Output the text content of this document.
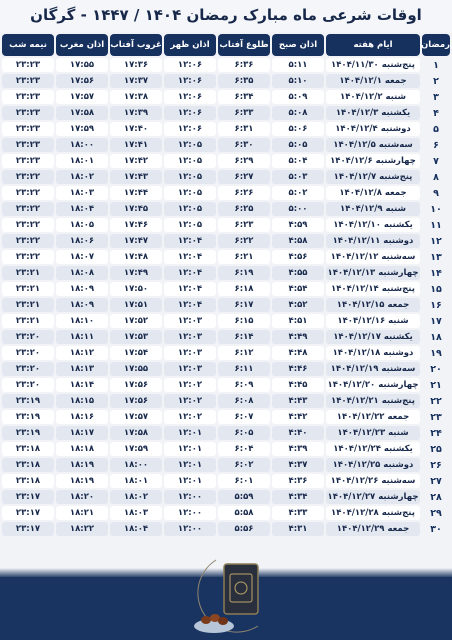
اوقات شرعی ماه مبارک رمضان ۱۴۰۴ / ۱۴۴۷ - گرگان
رمضان	ایام هفته	اذان صبح	طلوع آفتاب	اذان ظهر	غروب آفتاب	اذان مغرب	نیمه شب
۱	پنج‌شنبه ۱۴۰۴/۱۱/۳۰	۵:۱۱	۶:۳۶	۱۲:۰۶	۱۷:۳۶	۱۷:۵۵	۲۳:۲۳
۲	جمعه ۱۴۰۴/۱۲/۱	۵:۱۰	۶:۳۵	۱۲:۰۶	۱۷:۳۷	۱۷:۵۶	۲۳:۲۳
۳	شنبه ۱۴۰۴/۱۲/۲	۵:۰۹	۶:۳۴	۱۲:۰۶	۱۷:۳۸	۱۷:۵۷	۲۳:۲۳
۴	یکشنبه ۱۴۰۴/۱۲/۳	۵:۰۸	۶:۳۳	۱۲:۰۶	۱۷:۳۹	۱۷:۵۸	۲۳:۲۳
۵	دوشنبه ۱۴۰۴/۱۲/۴	۵:۰۶	۶:۳۱	۱۲:۰۶	۱۷:۴۰	۱۷:۵۹	۲۳:۲۳
۶	سه‌شنبه ۱۴۰۴/۱۲/۵	۵:۰۵	۶:۳۰	۱۲:۰۵	۱۷:۴۱	۱۸:۰۰	۲۳:۲۳
۷	چهارشنبه ۱۴۰۴/۱۲/۶	۵:۰۴	۶:۲۹	۱۲:۰۵	۱۷:۴۲	۱۸:۰۱	۲۳:۲۳
۸	پنج‌شنبه ۱۴۰۴/۱۲/۷	۵:۰۳	۶:۲۷	۱۲:۰۵	۱۷:۴۳	۱۸:۰۲	۲۳:۲۲
۹	جمعه ۱۴۰۴/۱۲/۸	۵:۰۲	۶:۲۶	۱۲:۰۵	۱۷:۴۴	۱۸:۰۳	۲۳:۲۲
۱۰	شنبه ۱۴۰۴/۱۲/۹	۵:۰۰	۶:۲۵	۱۲:۰۵	۱۷:۴۵	۱۸:۰۴	۲۳:۲۲
۱۱	یکشنبه ۱۴۰۴/۱۲/۱۰	۴:۵۹	۶:۲۳	۱۲:۰۵	۱۷:۴۶	۱۸:۰۵	۲۳:۲۲
۱۲	دوشنبه ۱۴۰۴/۱۲/۱۱	۴:۵۸	۶:۲۲	۱۲:۰۴	۱۷:۴۷	۱۸:۰۶	۲۳:۲۲
۱۳	سه‌شنبه ۱۴۰۴/۱۲/۱۲	۴:۵۶	۶:۲۱	۱۲:۰۴	۱۷:۴۸	۱۸:۰۷	۲۳:۲۲
۱۴	چهارشنبه ۱۴۰۴/۱۲/۱۳	۴:۵۵	۶:۱۹	۱۲:۰۴	۱۷:۴۹	۱۸:۰۸	۲۳:۲۱
۱۵	پنج‌شنبه ۱۴۰۴/۱۲/۱۴	۴:۵۴	۶:۱۸	۱۲:۰۴	۱۷:۵۰	۱۸:۰۹	۲۳:۲۱
۱۶	جمعه ۱۴۰۴/۱۲/۱۵	۴:۵۲	۶:۱۷	۱۲:۰۴	۱۷:۵۱	۱۸:۰۹	۲۳:۲۱
۱۷	شنبه ۱۴۰۴/۱۲/۱۶	۴:۵۱	۶:۱۵	۱۲:۰۳	۱۷:۵۲	۱۸:۱۰	۲۳:۲۱
۱۸	یکشنبه ۱۴۰۴/۱۲/۱۷	۴:۴۹	۶:۱۴	۱۲:۰۳	۱۷:۵۳	۱۸:۱۱	۲۳:۲۰
۱۹	دوشنبه ۱۴۰۴/۱۲/۱۸	۴:۴۸	۶:۱۲	۱۲:۰۳	۱۷:۵۴	۱۸:۱۲	۲۳:۲۰
۲۰	سه‌شنبه ۱۴۰۴/۱۲/۱۹	۴:۴۶	۶:۱۱	۱۲:۰۳	۱۷:۵۵	۱۸:۱۳	۲۳:۲۰
۲۱	چهارشنبه ۱۴۰۴/۱۲/۲۰	۴:۴۵	۶:۰۹	۱۲:۰۲	۱۷:۵۶	۱۸:۱۴	۲۳:۲۰
۲۲	پنج‌شنبه ۱۴۰۴/۱۲/۲۱	۴:۴۳	۶:۰۸	۱۲:۰۲	۱۷:۵۶	۱۸:۱۵	۲۳:۱۹
۲۳	جمعه ۱۴۰۴/۱۲/۲۲	۴:۴۲	۶:۰۷	۱۲:۰۲	۱۷:۵۷	۱۸:۱۶	۲۳:۱۹
۲۴	شنبه ۱۴۰۴/۱۲/۲۳	۴:۴۰	۶:۰۵	۱۲:۰۱	۱۷:۵۸	۱۸:۱۷	۲۳:۱۹
۲۵	یکشنبه ۱۴۰۴/۱۲/۲۴	۴:۳۹	۶:۰۴	۱۲:۰۱	۱۷:۵۹	۱۸:۱۸	۲۳:۱۸
۲۶	دوشنبه ۱۴۰۴/۱۲/۲۵	۴:۳۷	۶:۰۲	۱۲:۰۱	۱۸:۰۰	۱۸:۱۹	۲۳:۱۸
۲۷	سه‌شنبه ۱۴۰۴/۱۲/۲۶	۴:۳۶	۶:۰۱	۱۲:۰۱	۱۸:۰۱	۱۸:۱۹	۲۳:۱۸
۲۸	چهارشنبه ۱۴۰۴/۱۲/۲۷	۴:۳۴	۵:۵۹	۱۲:۰۰	۱۸:۰۲	۱۸:۲۰	۲۳:۱۷
۲۹	پنج‌شنبه ۱۴۰۴/۱۲/۲۸	۴:۳۳	۵:۵۸	۱۲:۰۰	۱۸:۰۳	۱۸:۲۱	۲۳:۱۷
۳۰	جمعه ۱۴۰۴/۱۲/۲۹	۴:۳۱	۵:۵۶	۱۲:۰۰	۱۸:۰۴	۱۸:۲۲	۲۳:۱۷
